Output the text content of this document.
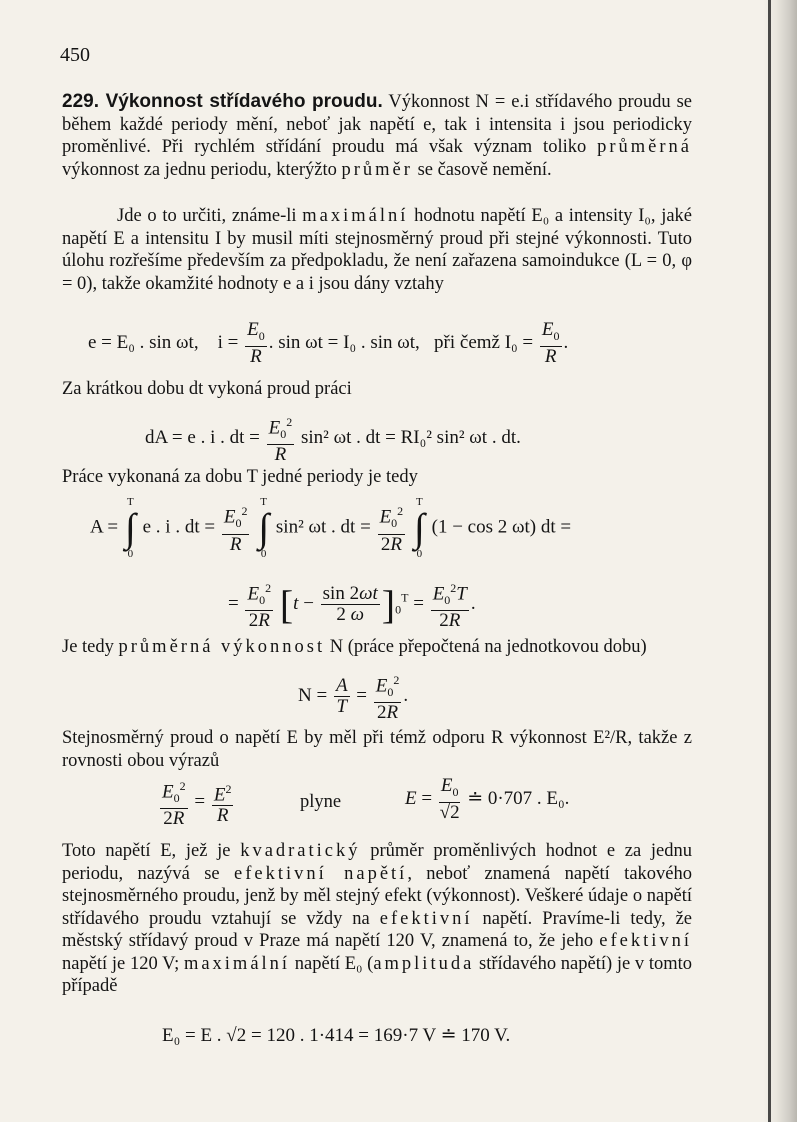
450
229. Výkonnost střídavého proudu. Výkonnost N = e.i střídavého proudu se během každé periody mění, neboť jak napětí e, tak i intensita i jsou periodicky proměnlivé. Při rychlém střídání proudu má však význam toliko průměrná výkonnost za jednu periodu, kterýžto průměr se časově nemění.
Jde o to určiti, známe-li maximální hodnotu napětí E₀ a intensity I₀, jaké napětí E a intensitu I by musil míti stejnosměrný proud při stejné výkonnosti. Tuto úlohu rozřešíme především za předpokladu, že není zařazena samoindukce (L = 0, φ = 0), takže okamžité hodnoty e a i jsou dány vztahy
e = E₀ . sin ωt, $i = \frac{E_0}{R}$ . sin ωt = I₀ . sin ωt, při čemž $I_0 = \frac{E_0}{R}$ .
Za krátkou dobu dt vykoná proud práci
dA = e . i . dt = $\frac{E_0^2}{R} \sin^2$ ωt . dt = RI₀² sin² ωt . dt.
Práce vykonaná za dobu T jedné periody je tedy
A = T
∫
0 e . i . dt = $\frac{E_0^2}{R}$ T
∫
0 sin² ωt . dt = $\frac{E_0^2}{2R}$ T
∫
0 (1 − cos 2 ωt) dt =
= $\frac{E_0^2}{2R} [t - \frac{\sin 2\omega t}{2 \omega} ]_0^T = \frac{E_0^2T}{2R}$ .
Je tedy průměrná výkonnost N (práce přepočtená na jednotkovou dobu)
$N = \frac{A}{T} = \frac{E_0^2}{2R}$ .
Stejnosměrný proud o napětí E by měl při témž odporu R výkonnost E²/R, takže z rovnosti obou výrazů
$\frac{E_0^2}{2R} = \frac{E^2}{R}$	plyne	$E = \frac{E_0}{√2}$ ≐ 0·707 . E₀.
Toto napětí E, jež je kvadratický průměr proměnlivých hodnot e za jednu periodu, nazývá se efektivní napětí, neboť znamená napětí takového stejnosměrného proudu, jenž by měl stejný efekt (výkonnost). Veškeré údaje o napětí střídavého proudu vztahují se vždy na efektivní napětí. Pravíme-li tedy, že městský střídavý proud v Praze má napětí 120 V, znamená to, že jeho efektivní napětí je 120 V; maximální napětí E₀ (amplituda střídavého napětí) je v tomto případě
E₀ = E . √2 = 120 . 1·414 = 169·7 V ≐ 170 V.
